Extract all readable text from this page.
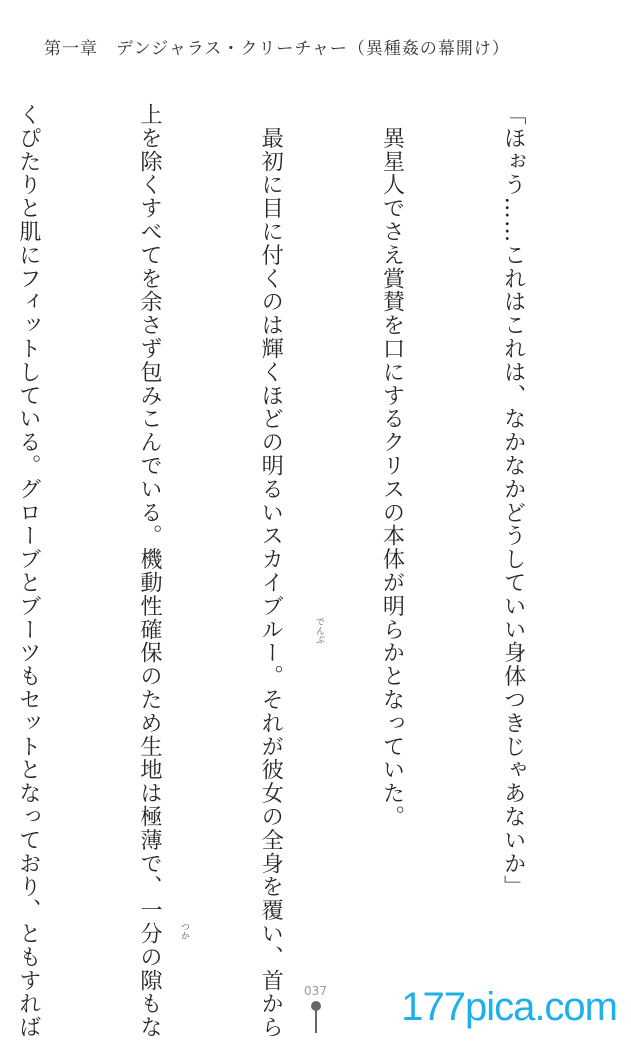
第一章 デンジャラス・クリーチャー（異種姦の幕開け）

「ほぉう……これはこれは、なかなかどうしていい身体つきじゃあないか」

　異星人でさえ賞賛を口にするクリスの本体が明らかとなっていた。

　最初に目に付くのは輝くほどの明るいスカイブルー。それが彼女の全身を覆い、首から

上を除くすべてを余さず包みこんでいる。機動性確保のため生地は極薄で、一分の隙もな

くぴたりと肌にフィットしている。グローブとブーツもセットとなっており、ともすれば

	でんぶ
つか
037	177pica.com
